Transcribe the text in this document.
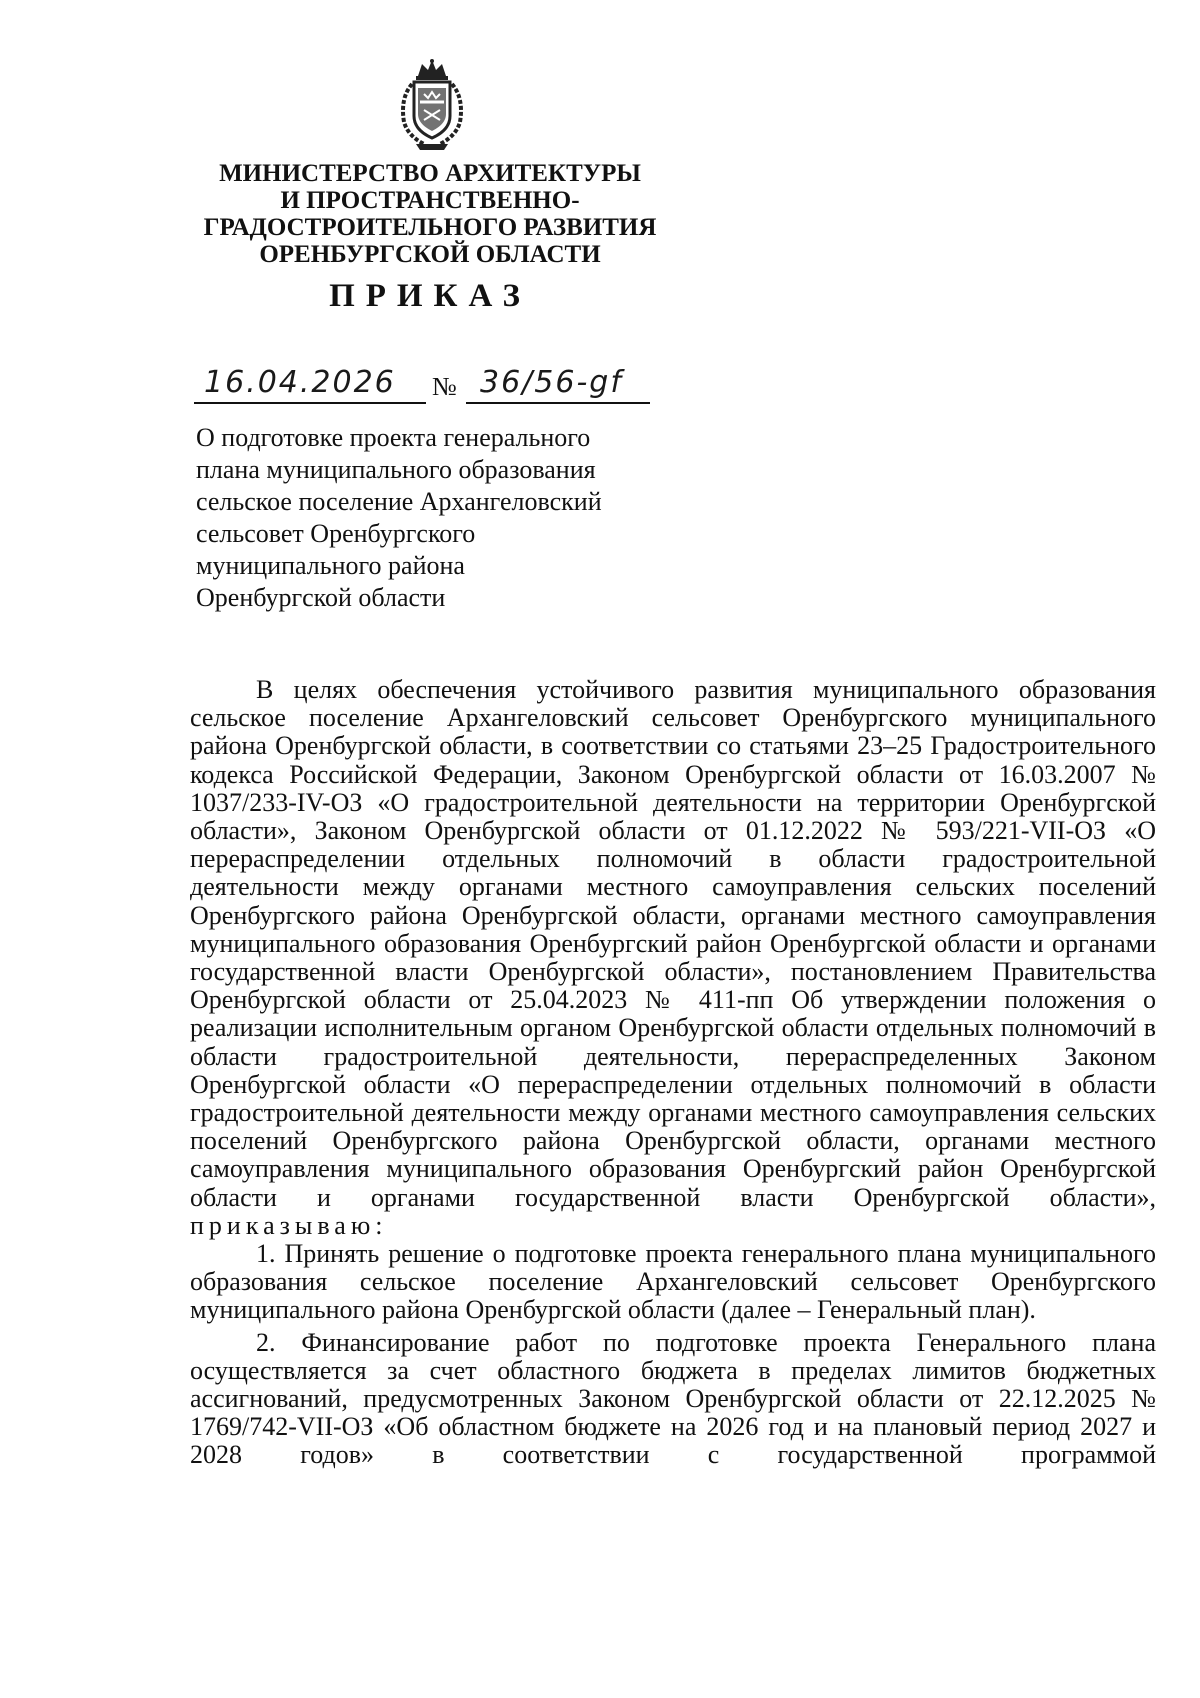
МИНИСТЕРСТВО АРХИТЕКТУРЫ
И ПРОСТРАНСТВЕННО-
ГРАДОСТРОИТЕЛЬНОГО РАЗВИТИЯ
ОРЕНБУРГСКОЙ ОБЛАСТИ
ПРИКАЗ
16.04.2026 № 36/56-gf
О подготовке проекта генерального
плана муниципального образования
сельское поселение Архангеловский
сельсовет Оренбургского
муниципального района
Оренбургской области

В целях обеспечения устойчивого развития муниципального образования сельское поселение Архангеловский сельсовет Оренбургского муниципального района Оренбургской области, в соответствии со статьями 23–25 Градостроительного кодекса Российской Федерации, Законом Оренбургской области от 16.03.2007 № 1037/233-IV-ОЗ «О градостроительной деятельности на территории Оренбургской области», Законом Оренбургской области от 01.12.2022 № 593/221-VII-ОЗ «О перераспределении отдельных полномочий в области градостроительной деятельности между органами местного самоуправления сельских поселений Оренбургского района Оренбургской области, органами местного самоуправления муниципального образования Оренбургский район Оренбургской области и органами государственной власти Оренбургской области», постановлением Правительства Оренбургской области от 25.04.2023 № 411-пп Об утверждении положения о реализации исполнительным органом Оренбургской области отдельных полномочий в области градостроительной деятельности, перераспределенных Законом Оренбургской области «О перераспределении отдельных полномочий в области градостроительной деятельности между органами местного самоуправления сельских поселений Оренбургского района Оренбургской области, органами местного самоуправления муниципального образования Оренбургский район Оренбургской области и органами государственной власти Оренбургской области», приказываю:

1. Принять решение о подготовке проекта генерального плана муниципального образования сельское поселение Архангеловский сельсовет Оренбургского муниципального района Оренбургской области (далее – Генеральный план).

2. Финансирование работ по подготовке проекта Генерального плана осуществляется за счет областного бюджета в пределах лимитов бюджетных ассигнований, предусмотренных Законом Оренбургской области от 22.12.2025 № 1769/742-VII-ОЗ «Об областном бюджете на 2026 год и на плановый период 2027 и 2028 годов» в соответствии с государственной программой
